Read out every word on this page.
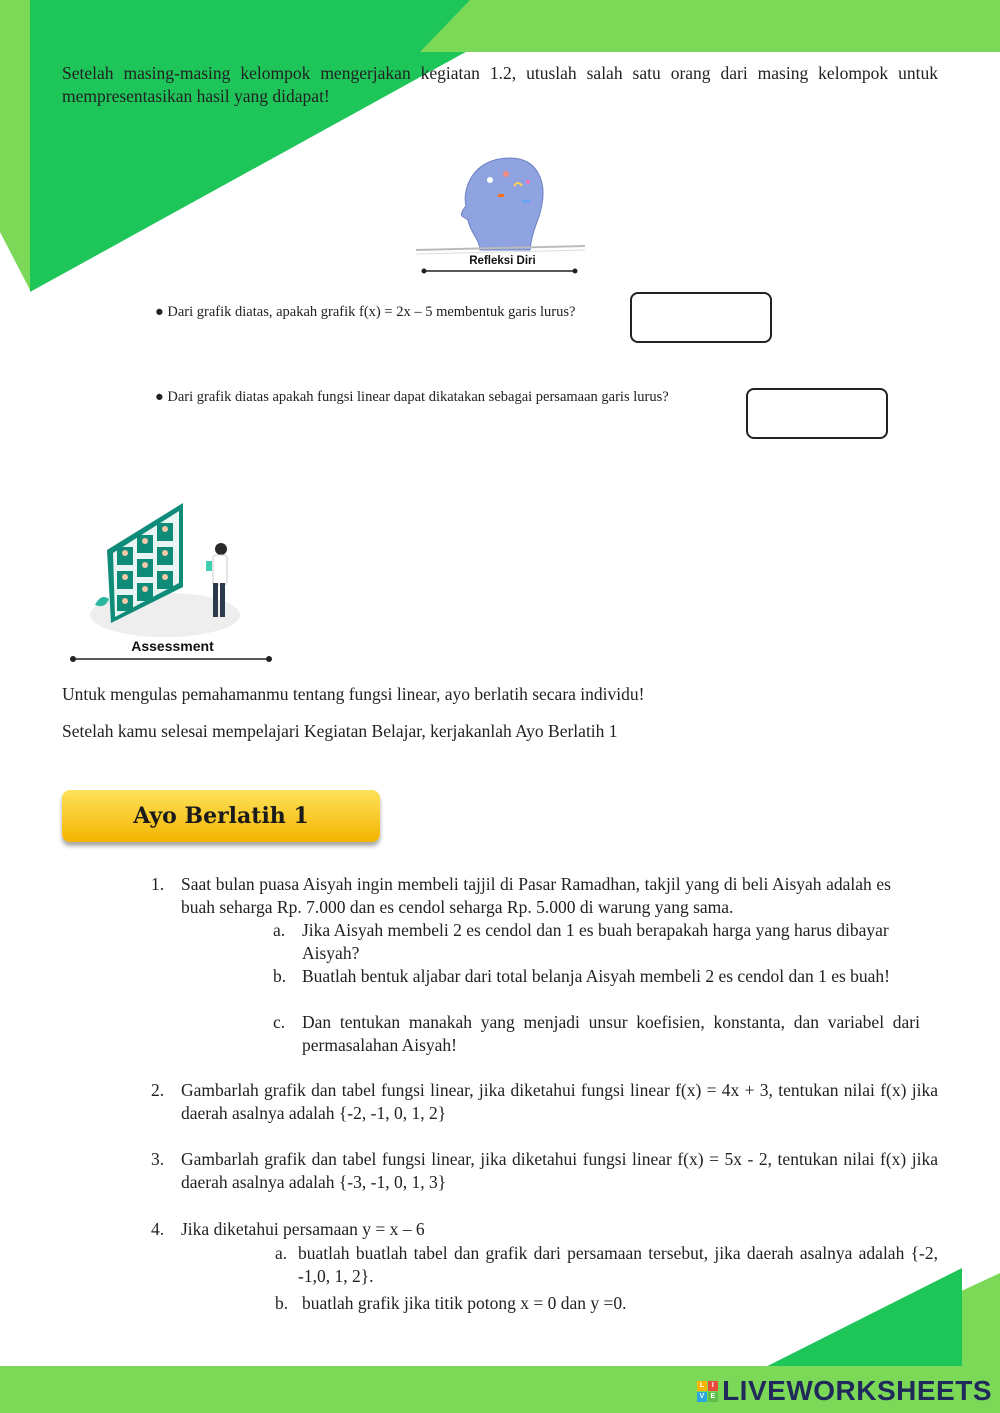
Setelah masing-masing kelompok mengerjakan kegiatan 1.2, utuslah salah satu orang dari masing kelompok untuk mempresentasikan hasil yang didapat!
Refleksi Diri
● Dari grafik diatas, apakah grafik f(x) = 2x – 5 membentuk garis lurus?
● Dari grafik diatas apakah fungsi linear dapat dikatakan sebagai persamaan garis lurus?
Assessment
Untuk mengulas pemahamanmu tentang fungsi linear, ayo berlatih secara individu!
Setelah kamu selesai mempelajari Kegiatan Belajar, kerjakanlah Ayo Berlatih 1
Ayo Berlatih 1
1. Saat bulan puasa Aisyah ingin membeli tajjil di Pasar Ramadhan, takjil yang di beli Aisyah adalah es buah seharga Rp. 7.000 dan es cendol seharga Rp. 5.000 di warung yang sama.
a. Jika Aisyah membeli 2 es cendol dan 1 es buah berapakah harga yang harus dibayar Aisyah?
b. Buatlah bentuk aljabar dari total belanja Aisyah membeli 2 es cendol dan 1 es buah!
c. Dan tentukan manakah yang menjadi unsur koefisien, konstanta, dan variabel dari permasalahan Aisyah!
2. Gambarlah grafik dan tabel fungsi linear, jika diketahui fungsi linear f(x) = 4x + 3, tentukan nilai f(x) jika daerah asalnya adalah {-2, -1, 0, 1, 2}
3. Gambarlah grafik dan tabel fungsi linear, jika diketahui fungsi linear f(x) = 5x - 2, tentukan nilai f(x) jika daerah asalnya adalah {-3, -1, 0, 1, 3}
4. Jika diketahui persamaan y = x – 6
a. buatlah buatlah tabel dan grafik dari persamaan tersebut, jika daerah asalnya adalah {-2, -1,0, 1, 2}.
b. buatlah grafik jika titik potong x = 0 dan y =0.
L	I
V E LIVEWORKSHEETS
